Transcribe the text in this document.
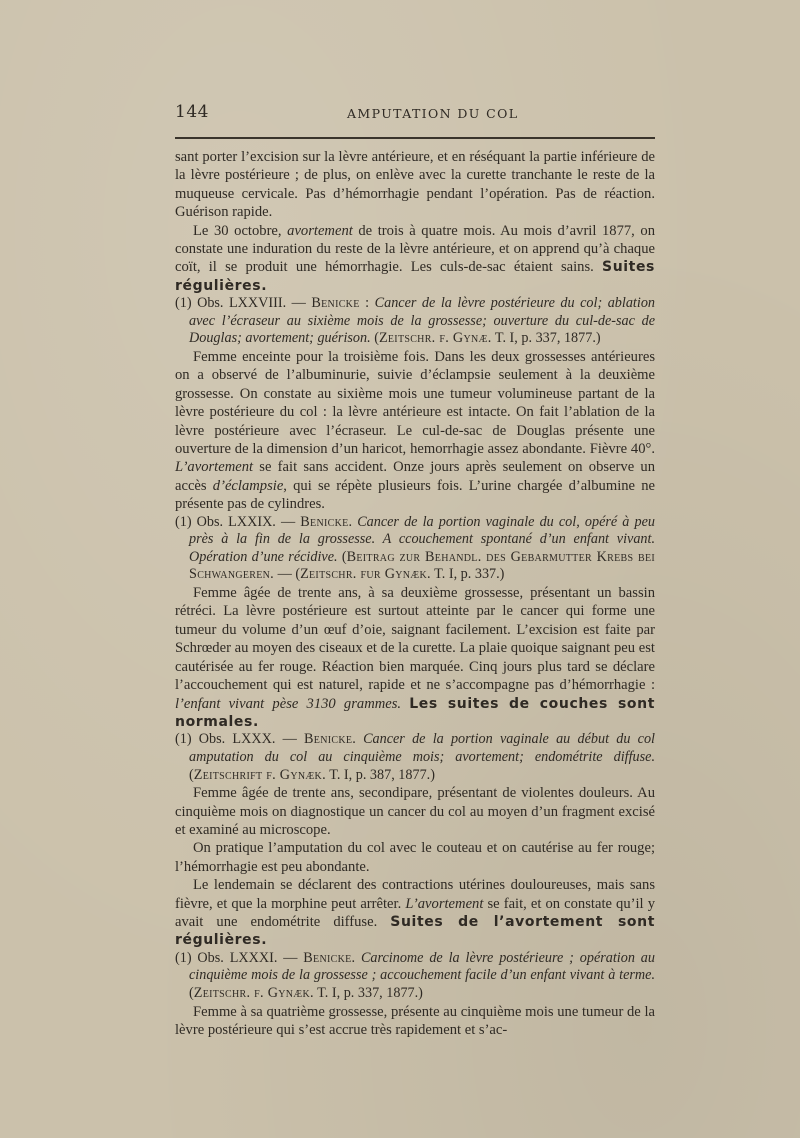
144	AMPUTATION DU COL

sant porter l’excision sur la lèvre antérieure, et en réséquant la partie inférieure de la lèvre postérieure ; de plus, on enlève avec la curette tranchante le reste de la muqueuse cervicale. Pas d’hémorrhagie pendant l’opération. Pas de réaction. Guérison rapide.

Le 30 octobre, avortement de trois à quatre mois. Au mois d’avril 1877, on constate une induration du reste de la lèvre antérieure, et on apprend qu’à chaque coït, il se produit une hémorrhagie. Les culs-de-sac étaient sains. Suites régulières.

(1) Obs. LXXVIII. — Benicke : Cancer de la lèvre postérieure du col; ablation avec l’écraseur au sixième mois de la grossesse; ouverture du cul-de-sac de Douglas; avortement; guérison. (Zeitschr. f. Gynæ. T. I, p. 337, 1877.)

Femme enceinte pour la troisième fois. Dans les deux grossesses antérieures on a observé de l’albuminurie, suivie d’éclampsie seulement à la deuxième grossesse. On constate au sixième mois une tumeur volumineuse partant de la lèvre postérieure du col : la lèvre antérieure est intacte. On fait l’ablation de la lèvre postérieure avec l’écraseur. Le cul-de-sac de Douglas présente une ouverture de la dimension d’un haricot, hemorrhagie assez abondante. Fièvre 40°. L’avortement se fait sans accident. Onze jours après seulement on observe un accès d’éclampsie, qui se répète plusieurs fois. L’urine chargée d’albumine ne présente pas de cylindres.

(1) Obs. LXXIX. — Benicke. Cancer de la portion vaginale du col, opéré à peu près à la fin de la grossesse. A ccouchement spontané d’un enfant vivant. Opération d’une récidive. (Beitrag zur Behandl. des Gebarmutter Krebs bei Schwangeren. — (Zeitschr. fur Gynæk. T. I, p. 337.)

Femme âgée de trente ans, à sa deuxième grossesse, présentant un bassin rétréci. La lèvre postérieure est surtout atteinte par le cancer qui forme une tumeur du volume d’un œuf d’oie, saignant facilement. L’excision est faite par Schrœder au moyen des ciseaux et de la curette. La plaie quoique saignant peu est cautérisée au fer rouge. Réaction bien marquée. Cinq jours plus tard se déclare l’accouchement qui est naturel, rapide et ne s’accompagne pas d’hémorrhagie : l’enfant vivant pèse 3130 grammes. Les suites de couches sont normales.

(1) Obs. LXXX. — Benicke. Cancer de la portion vaginale au début du col amputation du col au cinquième mois; avortement; endométrite diffuse. (Zeitschrift f. Gynæk. T. I, p. 387, 1877.)

Femme âgée de trente ans, secondipare, présentant de violentes douleurs. Au cinquième mois on diagnostique un cancer du col au moyen d’un fragment excisé et examiné au microscope.

On pratique l’amputation du col avec le couteau et on cautérise au fer rouge; l’hémorrhagie est peu abondante.

Le lendemain se déclarent des contractions utérines douloureuses, mais sans fièvre, et que la morphine peut arrêter. L’avortement se fait, et on constate qu’il y avait une endométrite diffuse. Suites de l’avortement sont régulières.

(1) Obs. LXXXI. — Benicke. Carcinome de la lèvre postérieure ; opération au cinquième mois de la grossesse ; accouchement facile d’un enfant vivant à terme. (Zeitschr. f. Gynæk. T. I, p. 337, 1877.)

Femme à sa quatrième grossesse, présente au cinquième mois une tumeur de la lèvre postérieure qui s’est accrue très rapidement et s’ac-
